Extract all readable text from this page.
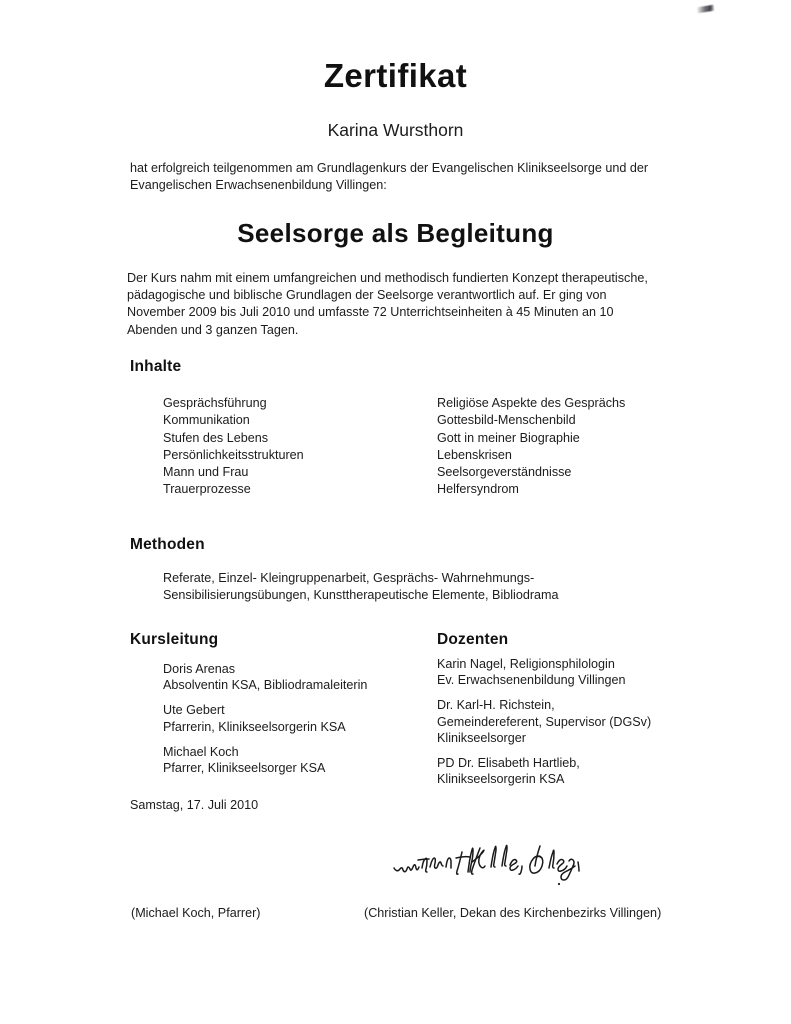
Zertifikat
Karina Wursthorn
hat erfolgreich teilgenommen am Grundlagenkurs der Evangelischen Klinikseelsorge und der Evangelischen Erwachsenenbildung Villingen:
Seelsorge als Begleitung
Der Kurs nahm mit einem umfangreichen und methodisch fundierten Konzept therapeutische, pädagogische und biblische Grundlagen der Seelsorge verantwortlich auf. Er ging von November 2009 bis Juli 2010 und umfasste 72 Unterrichtseinheiten à 45 Minuten an 10 Abenden und 3 ganzen Tagen.
Inhalte
Gesprächsführung
Kommunikation
Stufen des Lebens
Persönlichkeitsstrukturen
Mann und Frau
Trauerprozesse
Religiöse Aspekte des Gesprächs
Gottesbild-Menschenbild
Gott in meiner Biographie
Lebenskrisen
Seelsorgeverständnisse
Helfersyndrom
Methoden
Referate, Einzel- Kleingruppenarbeit, Gesprächs- Wahrnehmungs-
Sensibilisierungsübungen, Kunsttherapeutische Elemente, Bibliodrama
Kursleitung
Doris Arenas
Absolventin KSA, Bibliodramaleiterin
Ute Gebert
Pfarrerin, Klinikseelsorgerin KSA
Michael Koch
Pfarrer, Klinikseelsorger KSA
Dozenten
Karin Nagel, Religionsphilologin
Ev. Erwachsenenbildung Villingen
Dr. Karl-H. Richstein,
Gemeindereferent, Supervisor (DGSv)
Klinikseelsorger
PD Dr. Elisabeth Hartlieb,
Klinikseelsorgerin KSA
Samstag, 17. Juli 2010
(Michael Koch, Pfarrer)	(Christian Keller, Dekan des Kirchenbezirks Villingen)
